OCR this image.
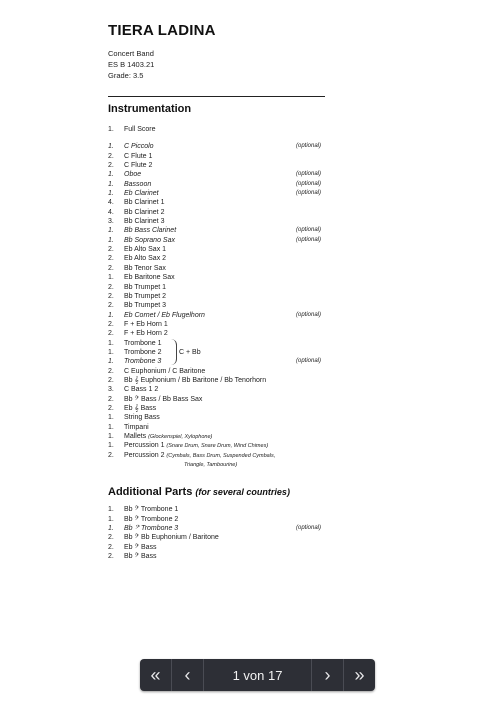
TIERA LADINA
Concert Band
ES B 1403.21
Grade: 3.5
Instrumentation
1.	Full Score
1.	C Piccolo	(optional)
2.	C Flute 1
2.	C Flute 2
1.	Oboe	(optional)
1.	Bassoon	(optional)
1.	Eb Clarinet	(optional)
4.	Bb Clarinet 1
4.	Bb Clarinet 2
3.	Bb Clarinet 3
1.	Bb Bass Clarinet	(optional)
1.	Bb Soprano Sax	(optional)
2.	Eb Alto Sax 1
2.	Eb Alto Sax 2
2.	Bb Tenor Sax
1.	Eb Baritone Sax
2.	Bb Trumpet 1
2.	Bb Trumpet 2
2.	Bb Trumpet 3
1.	Eb Cornet / Eb Flugelhorn	(optional)
2.	F + Eb Horn 1
2.	F + Eb Horn 2
1.	Trombone 1
C + Bb
1.	Trombone 2
1.	Trombone 3	(optional)
2.	C Euphonium / C Baritone
2.	Bb 𝄞 Euphonium / Bb Baritone / Bb Tenorhorn
3.	C Bass 1 2
2.	Bb 𝄢 Bass / Bb Bass Sax
2.	Eb 𝄞 Bass
1.	String Bass
1.	Timpani
1.	Mallets (Glockenspiel, Xylophone)
1.	Percussion 1 (Snare Drum, Snare Drum, Wind Chimes)
2.	Percussion 2 (Cymbals, Bass Drum, Suspended Cymbals,
Triangle, Tambourine)
Additional Parts (for several countries)
1.	Bb 𝄢 Trombone 1
1.	Bb 𝄢 Trombone 2
1.	Bb 𝄢 Trombone 3	(optional)
2.	Bb 𝄢 Bb Euphonium / Baritone
2.	Eb 𝄢 Bass
2.	Bb 𝄢 Bass
« ‹	1 von 17	› »
